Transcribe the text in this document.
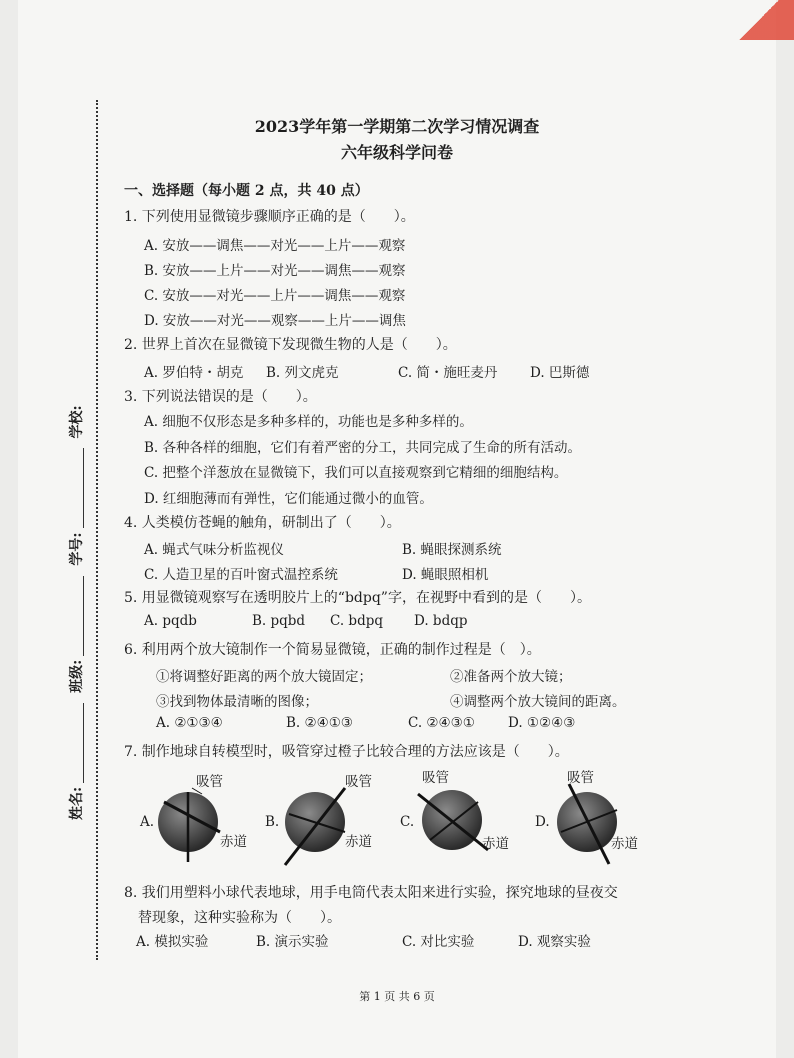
姓名:
班级:
学号:
学校:
2023学年第一学期第二次学习情况调查
六年级科学问卷
一、选择题（每小题 2 点，共 40 点）
1. 下列使用显微镜步骤顺序正确的是（　　）。
A. 安放——调焦——对光——上片——观察
B. 安放——上片——对光——调焦——观察
C. 安放——对光——上片——调焦——观察
D. 安放——对光——观察——上片——调焦
2. 世界上首次在显微镜下发现微生物的人是（　　）。
A. 罗伯特・胡克 B. 列文虎克	C. 简・施旺麦丹 D. 巴斯德
3. 下列说法错误的是（　　）。
A. 细胞不仅形态是多种多样的，功能也是多种多样的。
B. 各种各样的细胞，它们有着严密的分工，共同完成了生命的所有活动。
C. 把整个洋葱放在显微镜下，我们可以直接观察到它精细的细胞结构。
D. 红细胞薄而有弹性，它们能通过微小的血管。
4. 人类模仿苍蝇的触角，研制出了（　　）。
A. 蝇式气味分析监视仪	B. 蝇眼探测系统
C. 人造卫星的百叶窗式温控系统	D. 蝇眼照相机
5. 用显微镜观察写在透明胶片上的“bdpq”字，在视野中看到的是（　　）。
A. pqdb	B. pqbd C. bdpq D. bdqp
6. 利用两个放大镜制作一个简易显微镜，正确的制作过程是（　）。
①将调整好距离的两个放大镜固定；	②准备两个放大镜；
③找到物体最清晰的图像；	④调整两个放大镜间的距离。
A. ②①③④	B. ②④①③	C. ②④③① D. ①②④③
7. 制作地球自转模型时，吸管穿过橙子比较合理的方法应该是（　　）。
A.
吸管
赤道
B.
吸管
赤道
C.
吸管
赤道
D.
吸管
赤道
8. 我们用塑料小球代表地球，用手电筒代表太阳来进行实验，探究地球的昼夜交
替现象，这种实验称为（　　）。
A. 模拟实验	B. 演示实验	C. 对比实验	D. 观察实验
第 1 页 共 6 页
